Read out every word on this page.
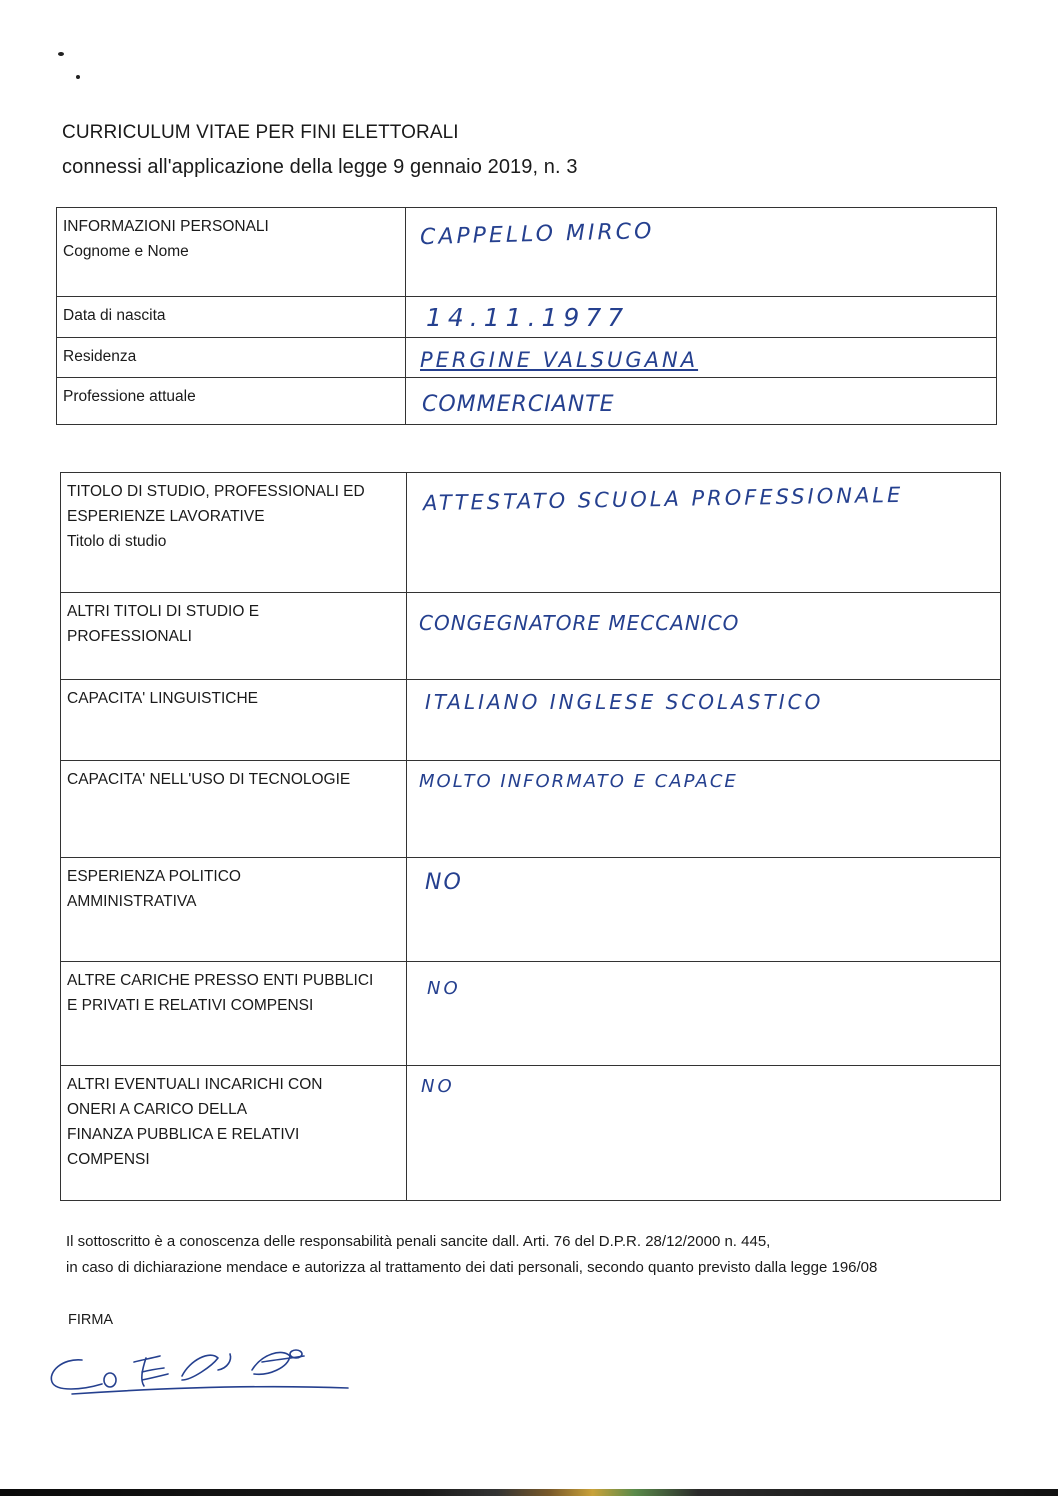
CURRICULUM VITAE PER FINI ELETTORALI
connessi all'applicazione della legge 9 gennaio 2019, n. 3
INFORMAZIONI PERSONALI
Cognome e Nome	CAPPELLO MIRCO

Data di nascita	14.11.1977

Residenza	PERGINE VALSUGANA

Professione attuale	COMMERCIANTE
TITOLO DI STUDIO, PROFESSIONALI ED
ESPERIENZE LAVORATIVE
Titolo di studio	ATTESTATO SCUOLA PROFESSIONALE

ALTRI TITOLI DI STUDIO E
PROFESSIONALI	CONGEGNATORE MECCANICO

CAPACITA' LINGUISTICHE	ITALIANO INGLESE SCOLASTICO

CAPACITA' NELL'USO DI TECNOLOGIE	MOLTO INFORMATO E CAPACE

ESPERIENZA POLITICO
AMMINISTRATIVA	NO

ALTRE CARICHE PRESSO ENTI PUBBLICI
E PRIVATI E RELATIVI COMPENSI	NO

ALTRI EVENTUALI INCARICHI CON
ONERI A CARICO DELLA
FINANZA PUBBLICA E RELATIVI
COMPENSI	NO
Il sottoscritto è a conoscenza delle responsabilità penali sancite dall. Arti. 76 del D.P.R. 28/12/2000 n. 445,
in caso di dichiarazione mendace e autorizza al trattamento dei dati personali, secondo quanto previsto dalla legge 196/08
FIRMA
